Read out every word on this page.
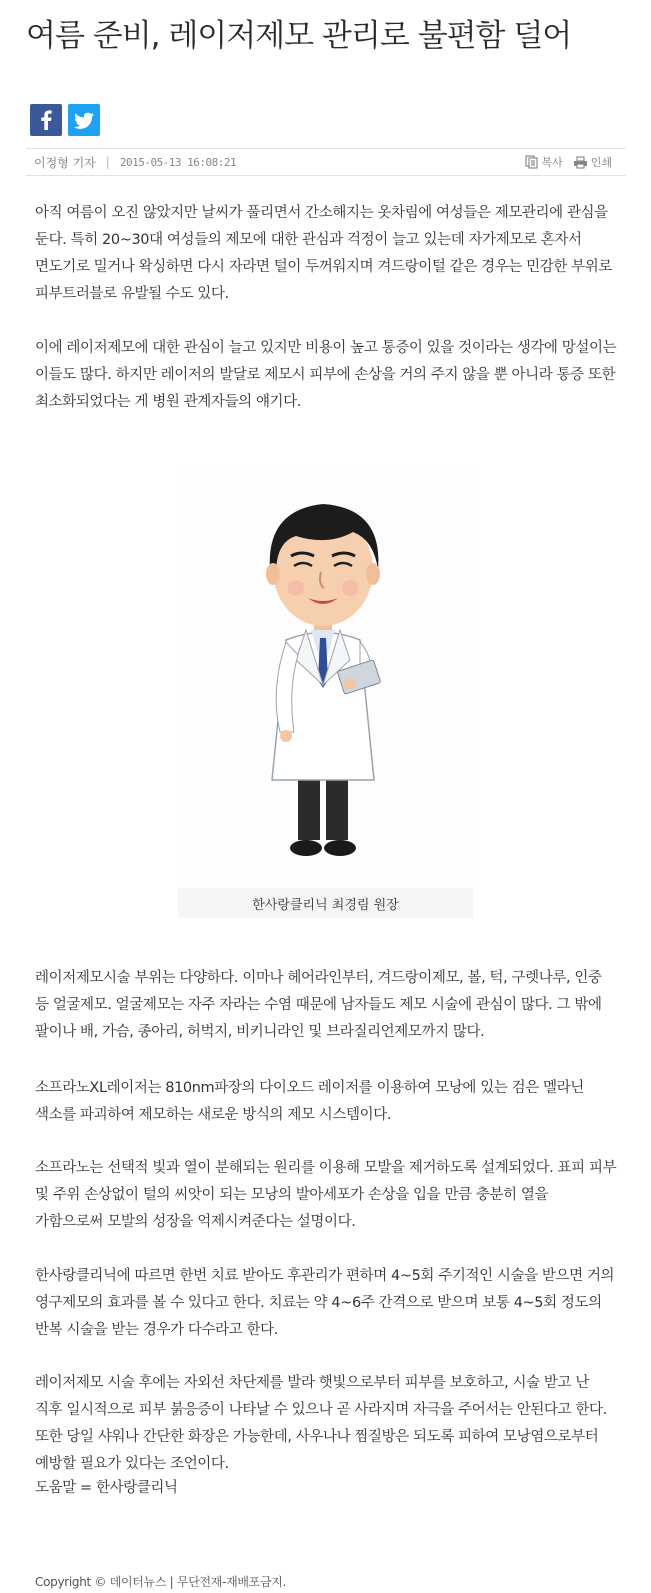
여름 준비, 레이저제모 관리로 불편함 덜어
이정형 기자 | 2015-05-13 16:08:21	복사	인쇄

아직 여름이 오진 않았지만 날씨가 풀리면서 간소해지는 옷차림에 여성들은 제모관리에 관심을 둔다. 특히 20~30대 여성들의 제모에 대한 관심과 걱정이 늘고 있는데 자가제모로 혼자서 면도기로 밀거나 왁싱하면 다시 자라면 털이 두꺼워지며 겨드랑이털 같은 경우는 민감한 부위로 피부트러블로 유발될 수도 있다.

이에 레이저제모에 대한 관심이 늘고 있지만 비용이 높고 통증이 있을 것이라는 생각에 망설이는 이들도 많다. 하지만 레이저의 발달로 제모시 피부에 손상을 거의 주지 않을 뿐 아니라 통증 또한 최소화되었다는 게 병원 관계자들의 얘기다.

한사랑클리닉 최경림 원장

레이저제모시술 부위는 다양하다. 이마나 헤어라인부터, 겨드랑이제모, 볼, 턱, 구렛나루, 인중 등 얼굴제모. 얼굴제모는 자주 자라는 수염 때문에 남자들도 제모 시술에 관심이 많다. 그 밖에 팔이나 배, 가슴, 종아리, 허벅지, 비키니라인 및 브라질리언제모까지 많다.

소프라노XL레이저는 810nm파장의 다이오드 레이저를 이용하여 모낭에 있는 검은 멜라닌 색소를 파괴하여 제모하는 새로운 방식의 제모 시스템이다.

소프라노는 선택적 빛과 열이 분해되는 원리를 이용해 모발을 제거하도록 설계되었다. 표피 피부 및 주위 손상없이 털의 씨앗이 되는 모낭의 발아세포가 손상을 입을 만큼 충분히 열을 가함으로써 모발의 성장을 억제시켜준다는 설명이다.

한사랑클리닉에 따르면 한번 치료 받아도 후관리가 편하며 4~5회 주기적인 시술을 받으면 거의 영구제모의 효과를 볼 수 있다고 한다. 치료는 약 4~6주 간격으로 받으며 보통 4~5회 정도의 반복 시술을 받는 경우가 다수라고 한다.

레이저제모 시술 후에는 자외선 차단제를 발라 햇빛으로부터 피부를 보호하고, 시술 받고 난 직후 일시적으로 피부 붉응증이 나타날 수 있으나 곧 사라지며 자극을 주어서는 안된다고 한다. 또한 당일 샤워나 간단한 화장은 가능한데, 사우나나 찜질방은 되도록 피하여 모낭염으로부터 예방할 필요가 있다는 조언이다.

도움말 = 한사랑클리닉

Copyright © 데이터뉴스 | 무단전재-재배포금지.
